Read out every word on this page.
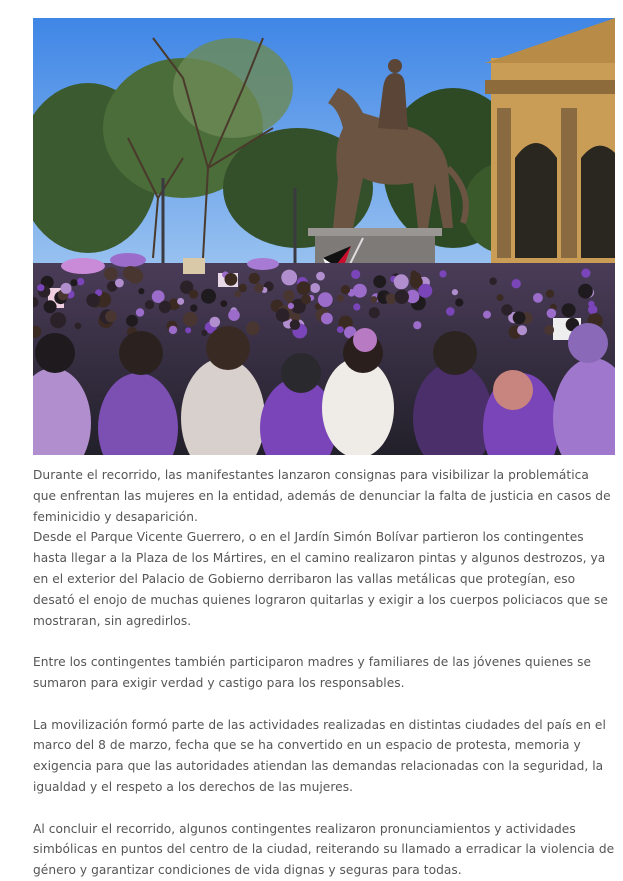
Durante el recorrido, las manifestantes lanzaron consignas para visibilizar la problemática que enfrentan las mujeres en la entidad, además de denunciar la falta de justicia en casos de feminicidio y desaparición.

Desde el Parque Vicente Guerrero, o en el Jardín Simón Bolívar partieron los contingentes hasta llegar a la Plaza de los Mártires, en el camino realizaron pintas y algunos destrozos, ya en el exterior del Palacio de Gobierno derribaron las vallas metálicas que protegían, eso desató el enojo de muchas quienes lograron quitarlas y exigir a los cuerpos policiacos que se mostraran, sin agredirlos.

Entre los contingentes también participaron madres y familiares de las jóvenes quienes se sumaron para exigir verdad y castigo para los responsables.

La movilización formó parte de las actividades realizadas en distintas ciudades del país en el marco del 8 de marzo, fecha que se ha convertido en un espacio de protesta, memoria y exigencia para que las autoridades atiendan las demandas relacionadas con la seguridad, la igualdad y el respeto a los derechos de las mujeres.

Al concluir el recorrido, algunos contingentes realizaron pronunciamientos y actividades simbólicas en puntos del centro de la ciudad, reiterando su llamado a erradicar la violencia de género y garantizar condiciones de vida dignas y seguras para todas.
